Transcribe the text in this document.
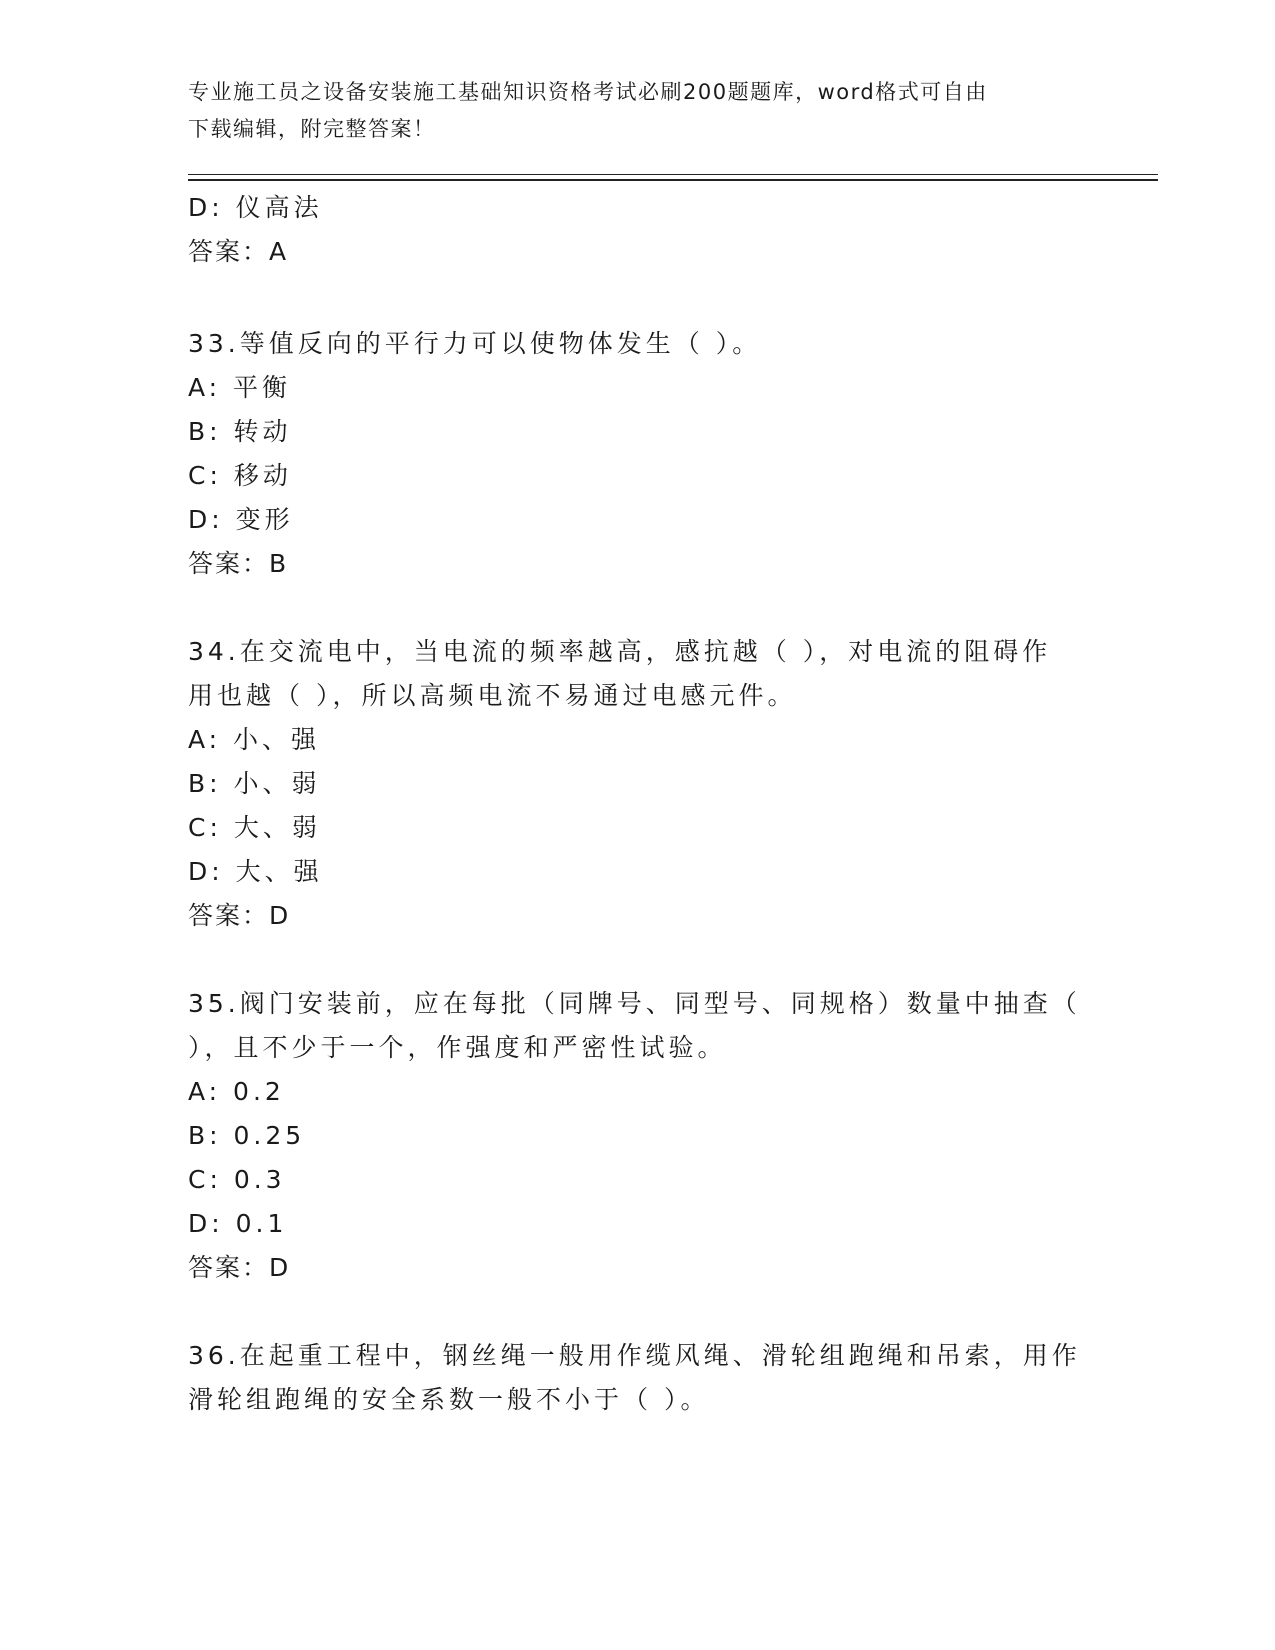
专业施工员之设备安装施工基础知识资格考试必刷200题题库，word格式可自由
下载编辑，附完整答案！
D: 仪高法
答案：A
33.等值反向的平行力可以使物体发生（ ）。
A: 平衡
B: 转动
C: 移动
D: 变形
答案：B
34.在交流电中，当电流的频率越高，感抗越（ ），对电流的阻碍作
用也越（ ），所以高频电流不易通过电感元件。
A: 小、强
B: 小、弱
C: 大、弱
D: 大、强
答案：D
35.阀门安装前，应在每批（同牌号、同型号、同规格）数量中抽查（
），且不少于一个，作强度和严密性试验。
A: 0.2
B: 0.25
C: 0.3
D: 0.1
答案：D
36.在起重工程中，钢丝绳一般用作缆风绳、滑轮组跑绳和吊索，用作
滑轮组跑绳的安全系数一般不小于（ ）。
